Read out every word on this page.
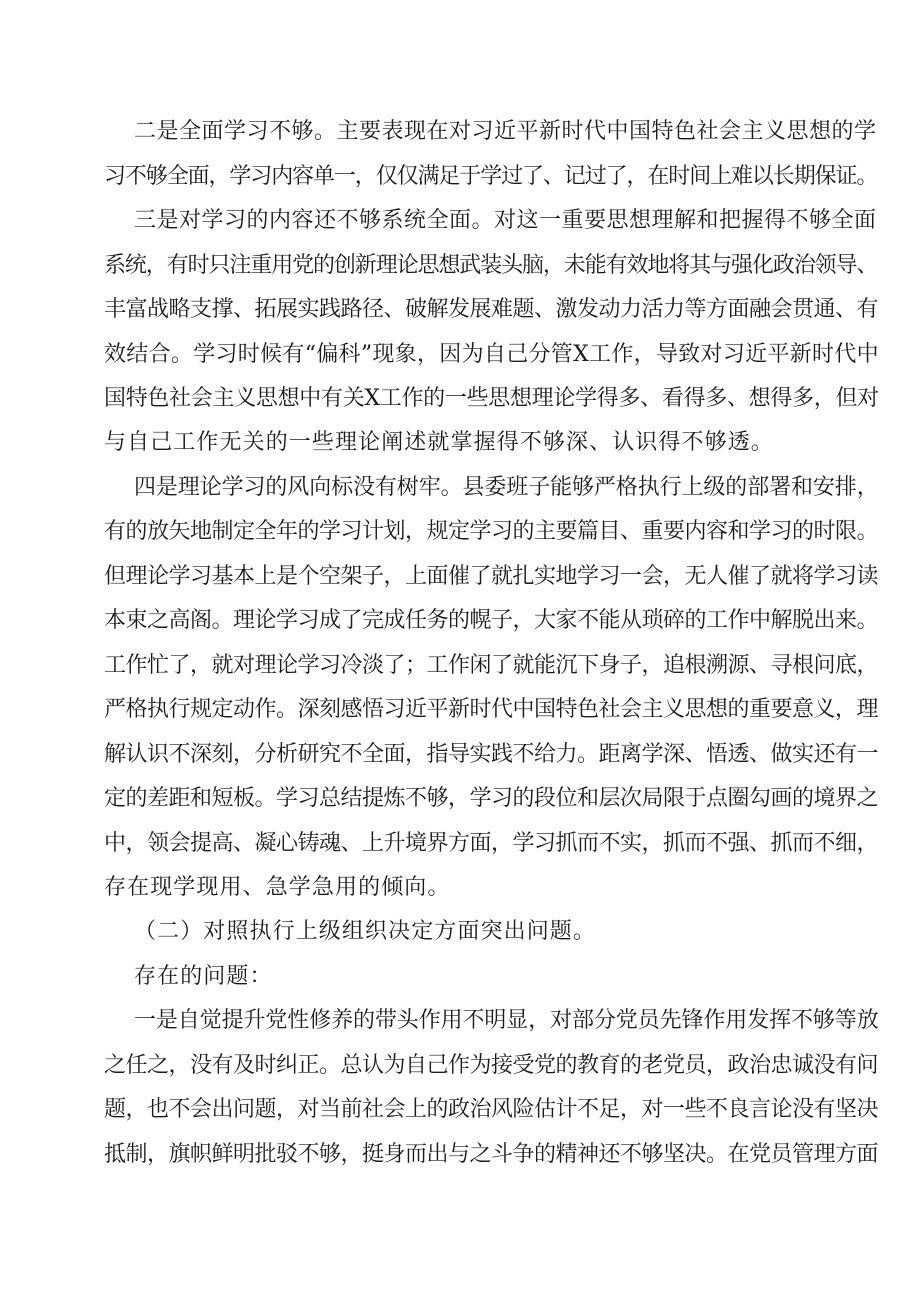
二是全面学习不够。主要表现在对习近平新时代中国特色社会主义思想的学
习不够全面，学习内容单一，仅仅满足于学过了、记过了，在时间上难以长期保证。
三是对学习的内容还不够系统全面。对这一重要思想理解和把握得不够全面
系统，有时只注重用党的创新理论思想武装头脑，未能有效地将其与强化政治领导、
丰富战略支撑、拓展实践路径、破解发展难题、激发动力活力等方面融会贯通、有
效结合。学习时候有“偏科”现象，因为自己分管X工作，导致对习近平新时代中
国特色社会主义思想中有关X工作的一些思想理论学得多、看得多、想得多，但对
与自己工作无关的一些理论阐述就掌握得不够深、认识得不够透。
四是理论学习的风向标没有树牢。县委班子能够严格执行上级的部署和安排，
有的放矢地制定全年的学习计划，规定学习的主要篇目、重要内容和学习的时限。
但理论学习基本上是个空架子，上面催了就扎实地学习一会，无人催了就将学习读
本束之高阁。理论学习成了完成任务的幌子，大家不能从琐碎的工作中解脱出来。
工作忙了，就对理论学习冷淡了；工作闲了就能沉下身子，追根溯源、寻根问底，
严格执行规定动作。深刻感悟习近平新时代中国特色社会主义思想的重要意义，理
解认识不深刻，分析研究不全面，指导实践不给力。距离学深、悟透、做实还有一
定的差距和短板。学习总结提炼不够，学习的段位和层次局限于点圈勾画的境界之
中，领会提高、凝心铸魂、上升境界方面，学习抓而不实，抓而不强、抓而不细，
存在现学现用、急学急用的倾向。
（二）对照执行上级组织决定方面突出问题。
存在的问题：
一是自觉提升党性修养的带头作用不明显，对部分党员先锋作用发挥不够等放
之任之，没有及时纠正。总认为自己作为接受党的教育的老党员，政治忠诚没有问
题，也不会出问题，对当前社会上的政治风险估计不足，对一些不良言论没有坚决
抵制，旗帜鲜明批驳不够，挺身而出与之斗争的精神还不够坚决。在党员管理方面
